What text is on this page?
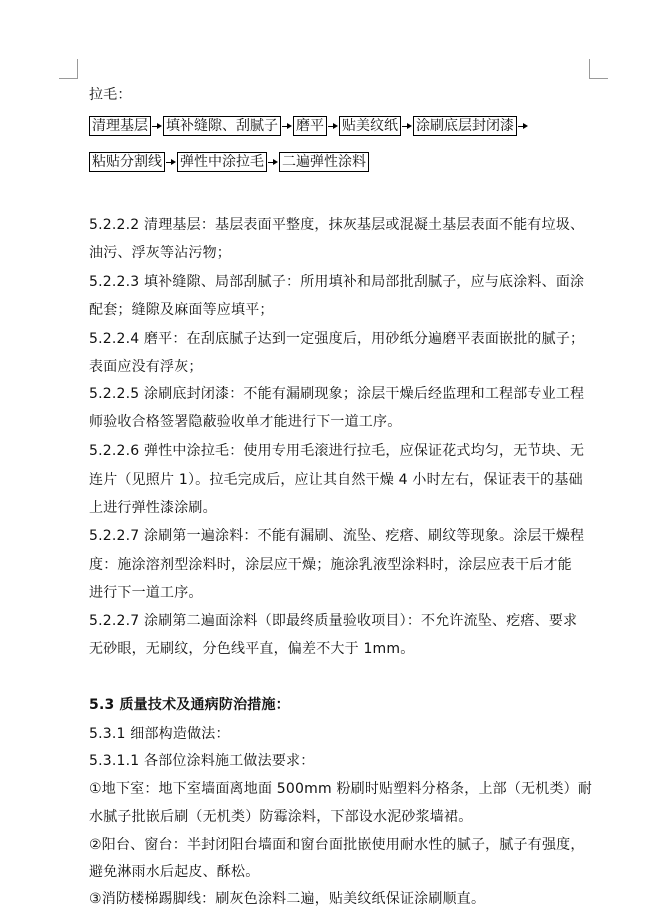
拉毛：
清理基层 填补缝隙、刮腻子 磨平 贴美纹纸 涂刷底层封闭漆
粘贴分割线 弹性中涂拉毛 二遍弹性涂料
5.2.2.2 清理基层：基层表面平整度，抹灰基层或混凝土基层表面不能有垃圾、
油污、浮灰等沾污物；
5.2.2.3 填补缝隙、局部刮腻子：所用填补和局部批刮腻子，应与底涂料、面涂
配套；缝隙及麻面等应填平；
5.2.2.4 磨平：在刮底腻子达到一定强度后，用砂纸分遍磨平表面嵌批的腻子；
表面应没有浮灰；
5.2.2.5 涂刷底封闭漆：不能有漏刷现象；涂层干燥后经监理和工程部专业工程
师验收合格签署隐蔽验收单才能进行下一道工序。
5.2.2.6 弹性中涂拉毛：使用专用毛滚进行拉毛，应保证花式均匀，无节块、无
连片（见照片 1）。拉毛完成后，应让其自然干燥 4 小时左右，保证表干的基础
上进行弹性漆涂刷。
5.2.2.7 涂刷第一遍涂料：不能有漏刷、流坠、疙瘩、刷纹等现象。涂层干燥程
度：施涂溶剂型涂料时，涂层应干燥；施涂乳液型涂料时，涂层应表干后才能
进行下一道工序。
5.2.2.7 涂刷第二遍面涂料（即最终质量验收项目）：不允许流坠、疙瘩、要求
无砂眼，无刷纹，分色线平直，偏差不大于 1mm。
5.3 质量技术及通病防治措施：
5.3.1 细部构造做法：
5.3.1.1 各部位涂料施工做法要求：
①地下室：地下室墙面离地面 500mm 粉刷时贴塑料分格条，上部（无机类）耐
水腻子批嵌后刷（无机类）防霉涂料，下部设水泥砂浆墙裙。
②阳台、窗台：半封闭阳台墙面和窗台面批嵌使用耐水性的腻子，腻子有强度，
避免淋雨水后起皮、酥松。
③消防楼梯踢脚线：刷灰色涂料二遍，贴美纹纸保证涂刷顺直。
